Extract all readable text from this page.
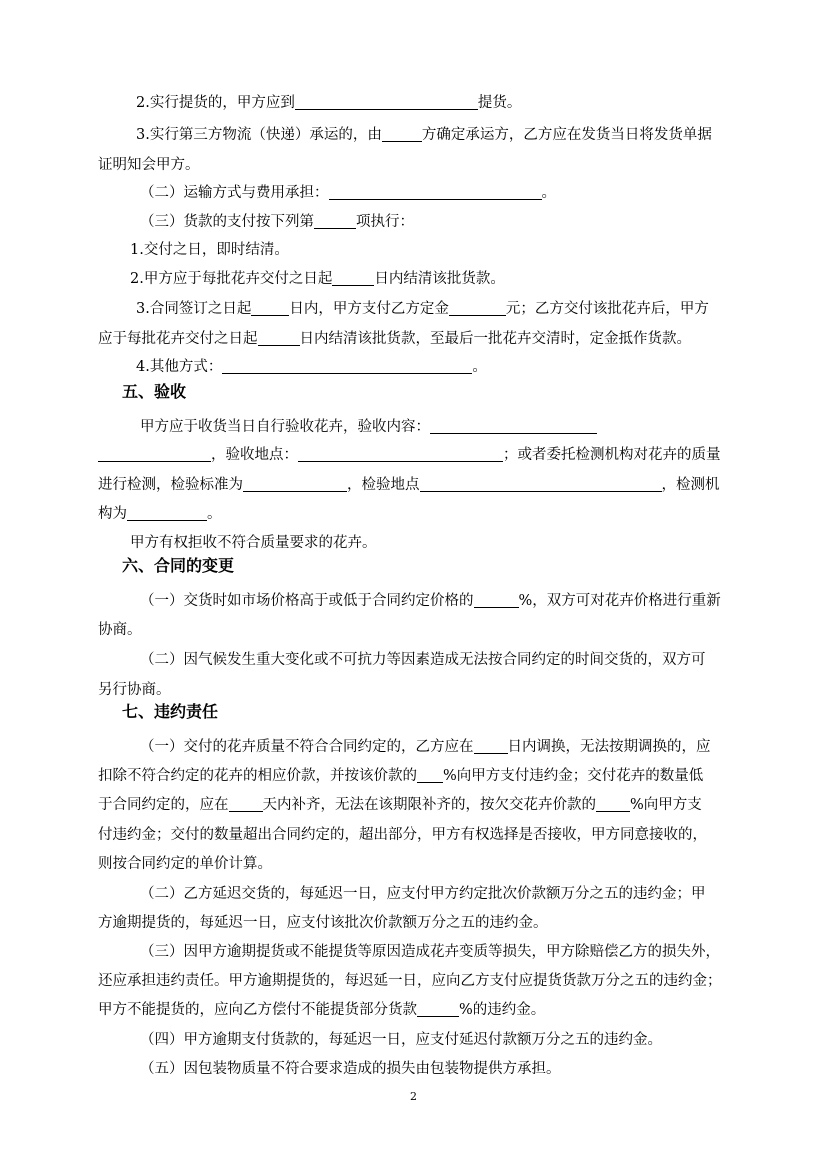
2.实行提货的，甲方应到	提货。
3.实行第三方物流（快递）承运的，由	方确定承运方，乙方应在发货当日将发货单据
证明知会甲方。
（二）运输方式与费用承担：	。
（三）货款的支付按下列第	项执行：
1.交付之日，即时结清。
2.甲方应于每批花卉交付之日起	日内结清该批货款。
3.合同签订之日起	日内，甲方支付乙方定金	元；乙方交付该批花卉后，甲方
应于每批花卉交付之日起	日内结清该批货款，至最后一批花卉交清时，定金抵作货款。
4.其他方式：	。
五、验收
甲方应于收货当日自行验收花卉，验收内容：
，验收地点：	；或者委托检测机构对花卉的质量
进行检测，检验标准为	，检验地点	，检测机
构为	。
甲方有权拒收不符合质量要求的花卉。
六、合同的变更
（一）交货时如市场价格高于或低于合同约定价格的	%，双方可对花卉价格进行重新
协商。
（二）因气候发生重大变化或不可抗力等因素造成无法按合同约定的时间交货的，双方可
另行协商。
七、违约责任
（一）交付的花卉质量不符合合同约定的，乙方应在 日内调换，无法按期调换的，应
扣除不符合约定的花卉的相应价款，并按该价款的 %向甲方支付违约金；交付花卉的数量低
于合同约定的，应在 天内补齐，无法在该期限补齐的，按欠交花卉价款的 %向甲方支
付违约金；交付的数量超出合同约定的，超出部分，甲方有权选择是否接收，甲方同意接收的，
则按合同约定的单价计算。
（二）乙方延迟交货的，每延迟一日，应支付甲方约定批次价款额万分之五的违约金；甲
方逾期提货的，每延迟一日，应支付该批次价款额万分之五的违约金。
（三）因甲方逾期提货或不能提货等原因造成花卉变质等损失，甲方除赔偿乙方的损失外，
还应承担违约责任。甲方逾期提货的，每迟延一日，应向乙方支付应提货货款万分之五的违约金；
甲方不能提货的，应向乙方偿付不能提货部分货款	%的违约金。
（四）甲方逾期支付货款的，每延迟一日，应支付延迟付款额万分之五的违约金。
（五）因包装物质量不符合要求造成的损失由包装物提供方承担。
2
